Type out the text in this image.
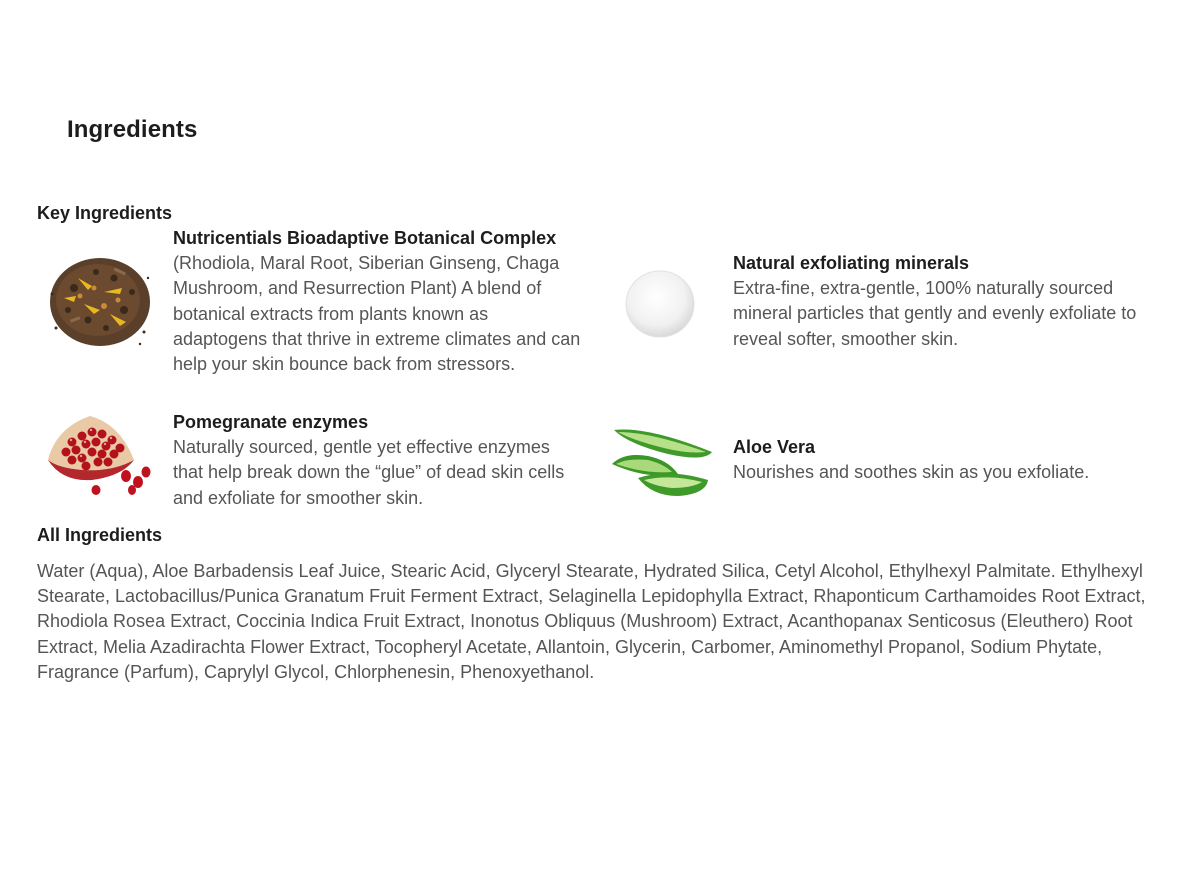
Ingredients
Key Ingredients
Nutricentials Bioadaptive Botanical Complex
(Rhodiola, Maral Root, Siberian Ginseng, Chaga Mushroom, and Resurrection Plant) A blend of botanical extracts from plants known as adaptogens that thrive in extreme climates and can help your skin bounce back from stressors.
Natural exfoliating minerals
Extra-fine, extra-gentle, 100% naturally sourced mineral particles that gently and evenly exfoliate to reveal softer, smoother skin.
Pomegranate enzymes
Naturally sourced, gentle yet effective enzymes that help break down the “glue” of dead skin cells and exfoliate for smoother skin.
Aloe Vera
Nourishes and soothes skin as you exfoliate.
All Ingredients
Water (Aqua), Aloe Barbadensis Leaf Juice, Stearic Acid, Glyceryl Stearate, Hydrated Silica, Cetyl Alcohol, Ethylhexyl Palmitate. Ethylhexyl Stearate, Lactobacillus/Punica Granatum Fruit Ferment Extract, Selaginella Lepidophylla Extract, Rhaponticum Carthamoides Root Extract, Rhodiola Rosea Extract, Coccinia Indica Fruit Extract, Inonotus Obliquus (Mushroom) Extract, Acanthopanax Senticosus (Eleuthero) Root Extract, Melia Azadirachta Flower Extract, Tocopheryl Acetate, Allantoin, Glycerin, Carbomer, Aminomethyl Propanol, Sodium Phytate, Fragrance (Parfum), Caprylyl Glycol, Chlorphenesin, Phenoxyethanol.
